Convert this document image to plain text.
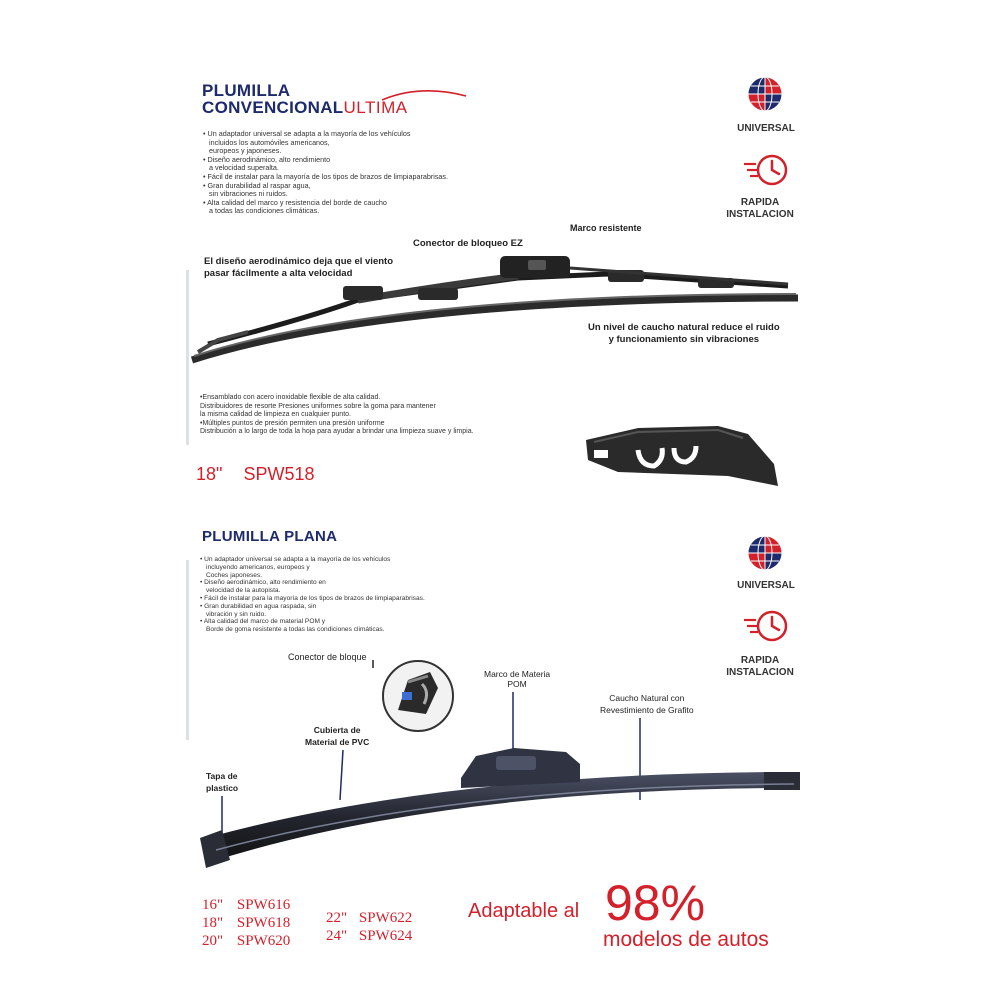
PLUMILLA
CONVENCIONALULTIMA
• Un adaptador universal se adapta a la mayoría de los vehículos
incluidos los automóviles americanos,
europeos y japoneses.
• Diseño aerodinámico, alto rendimiento
a velocidad superalta.
• Fácil de instalar para la mayoría de los tipos de brazos de limpiaparabrisas.
• Gran durabilidad al raspar agua,
sin vibraciones ni ruidos.
• Alta calidad del marco y resistencia del borde de caucho
a todas las condiciones climáticas.
UNIVERSAL
RAPIDA
INSTALACION
Marco resistente
Conector de bloqueo EZ
El diseño aerodinámico deja que el viento
pasar fácilmente a alta velocidad
Un nivel de caucho natural reduce el ruido
y funcionamiento sin vibraciones
•Ensamblado con acero inoxidable flexible de alta calidad.
Distribuidores de resorte Presiones uniformes sobre la goma para mantener
la misma calidad de limpieza en cualquier punto.
•Múltiples puntos de presión permiten una presión uniforme
Distribución a lo largo de toda la hoja para ayudar a brindar una limpieza suave y limpia.
18" SPW518
PLUMILLA PLANA
• Un adaptador universal se adapta a la mayoría de los vehículos
incluyendo americanos, europeos y
Coches japoneses.
• Diseño aerodinámico, alto rendimiento en
velocidad de la autopista.
• Fácil de instalar para la mayoría de los tipos de brazos de limpiaparabrisas.
• Gran durabilidad en agua raspada, sin
vibración y sin ruido.
• Alta calidad del marco de material POM y
Borde de goma resistente a todas las condiciones climáticas.
UNIVERSAL
RAPIDA
INSTALACION
Conector de bloque
Marco de Materia
POM
Caucho Natural con
Revestimiento de Grafito
Cubierta de
Material de PVC
Tapa de
plastico
16" SPW616
18" SPW618
20" SPW620
22" SPW622
24" SPW624
Adaptable al 98%
modelos de autos
